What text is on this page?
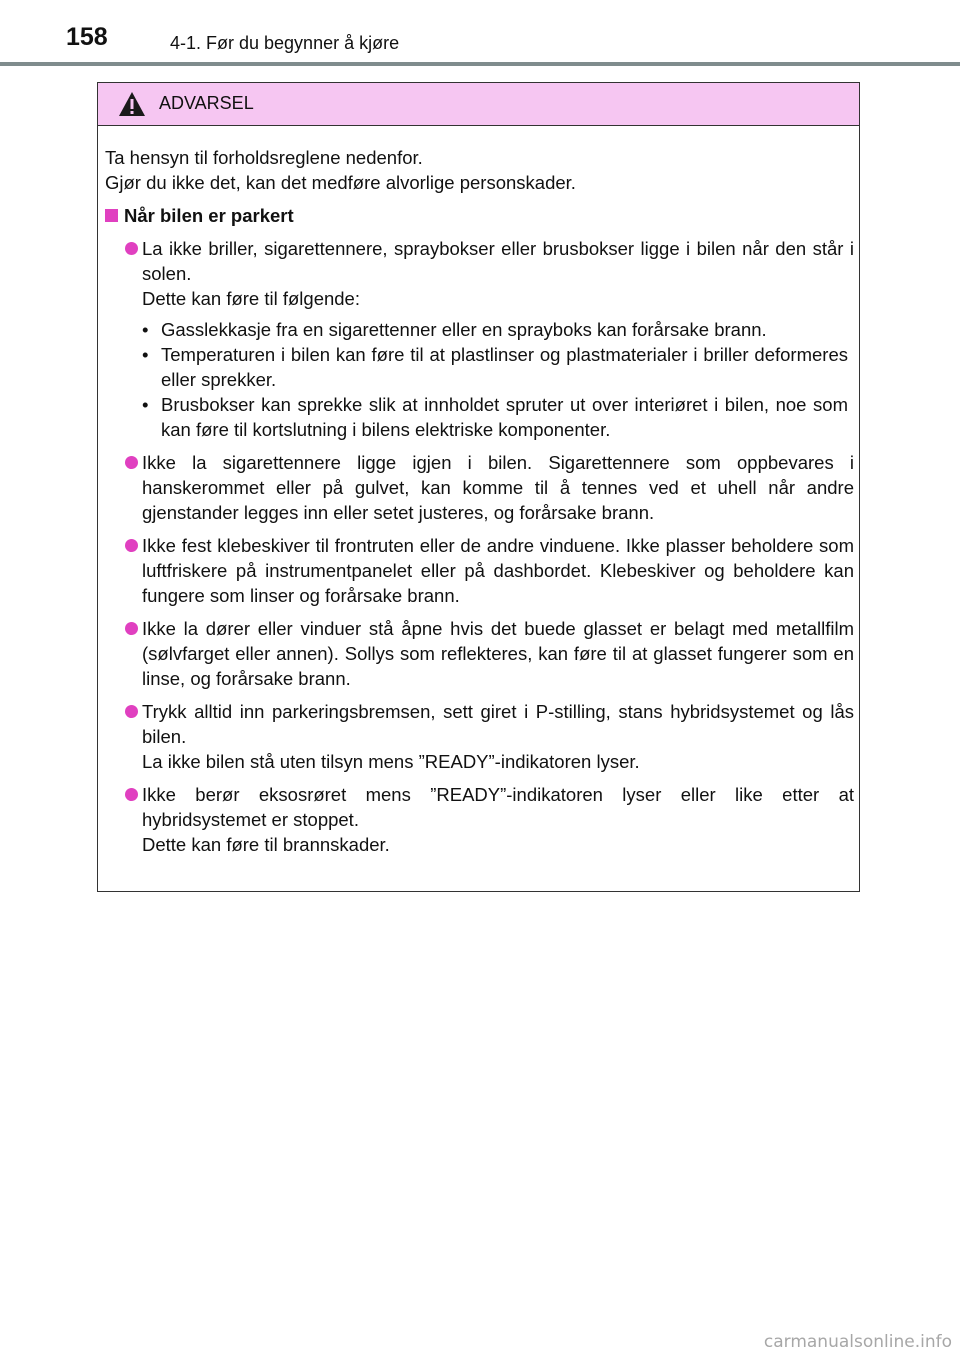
158	4-1. Før du begynner å kjøre
ADVARSEL

Ta hensyn til forholdsreglene nedenfor.

Gjør du ikke det, kan det medføre alvorlige personskader.

Når bilen er parkert

La ikke briller, sigarettennere, spraybokser eller brusbokser ligge i bilen når den står i solen.

Dette kan føre til følgende:

• Gasslekkasje fra en sigarettenner eller en sprayboks kan forårsake brann.
• Temperaturen i bilen kan føre til at plastlinser og plastmaterialer i briller deformeres eller sprekker.
• Brusbokser kan sprekke slik at innholdet spruter ut over interiøret i bilen, noe som kan føre til kortslutning i bilens elektriske komponenter.

Ikke la sigarettennere ligge igjen i bilen. Sigarettennere som oppbevares i hanskerommet eller på gulvet, kan komme til å tennes ved et uhell når andre gjenstander legges inn eller setet justeres, og forårsake brann.

Ikke fest klebeskiver til frontruten eller de andre vinduene. Ikke plasser beholdere som luftfriskere på instrumentpanelet eller på dashbordet. Klebeskiver og beholdere kan fungere som linser og forårsake brann.

Ikke la dører eller vinduer stå åpne hvis det buede glasset er belagt med metallfilm (sølvfarget eller annen). Sollys som reflekteres, kan føre til at glasset fungerer som en linse, og forårsake brann.

Trykk alltid inn parkeringsbremsen, sett giret i P-stilling, stans hybridsystemet og lås bilen.

La ikke bilen stå uten tilsyn mens ”READY”-indikatoren lyser.

Ikke berør eksosrøret mens ”READY”-indikatoren lyser eller like etter at hybridsystemet er stoppet.

Dette kan føre til brannskader.

carmanualsonline.info
